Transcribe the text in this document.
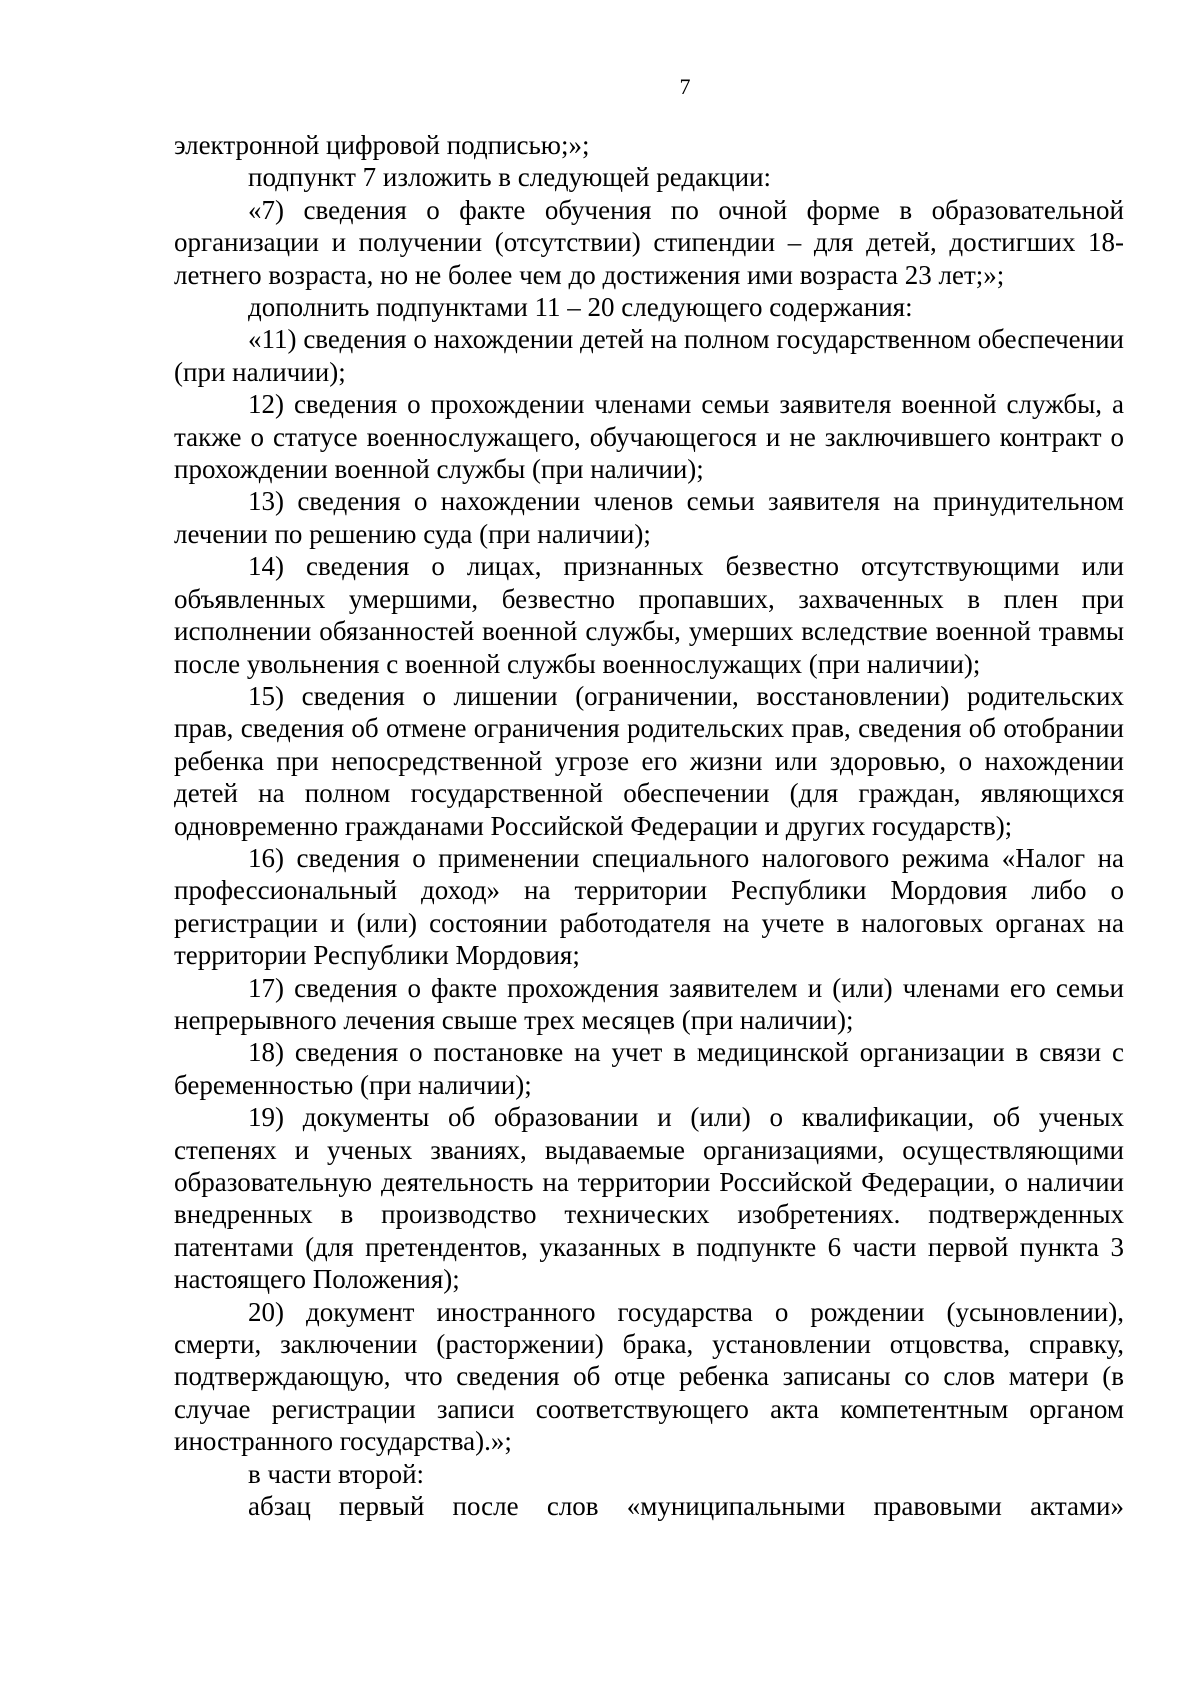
7

электронной цифровой подписью;»;

подпункт 7 изложить в следующей редакции:

«7) сведения о факте обучения по очной форме в образовательной организации и получении (отсутствии) стипендии – для детей, достигших 18-летнего возраста, но не более чем до достижения ими возраста 23 лет;»;

дополнить подпунктами 11 – 20 следующего содержания:

«11) сведения о нахождении детей на полном государственном обеспечении (при наличии);

12) сведения о прохождении членами семьи заявителя военной службы, а также о статусе военнослужащего, обучающегося и не заключившего контракт о прохождении военной службы (при наличии);

13) сведения о нахождении членов семьи заявителя на принудительном лечении по решению суда (при наличии);

14) сведения о лицах, признанных безвестно отсутствующими или объявленных умершими, безвестно пропавших, захваченных в плен при исполнении обязанностей военной службы, умерших вследствие военной травмы после увольнения с военной службы военнослужащих (при наличии);

15) сведения о лишении (ограничении, восстановлении) родительских прав, сведения об отмене ограничения родительских прав, сведения об отобрании ребенка при непосредственной угрозе его жизни или здоровью, о нахождении детей на полном государственной обеспечении (для граждан, являющихся одновременно гражданами Российской Федерации и других государств);

16) сведения о применении специального налогового режима «Налог на профессиональный доход» на территории Республики Мордовия либо о регистрации и (или) состоянии работодателя на учете в налоговых органах на территории Республики Мордовия;

17) сведения о факте прохождения заявителем и (или) членами его семьи непрерывного лечения свыше трех месяцев (при наличии);

18) сведения о постановке на учет в медицинской организации в связи с беременностью (при наличии);

19) документы об образовании и (или) о квалификации, об ученых степенях и ученых званиях, выдаваемые организациями, осуществляющими образовательную деятельность на территории Российской Федерации, о наличии внедренных в производство технических изобретениях. подтвержденных патентами (для претендентов, указанных в подпункте 6 части первой пункта 3 настоящего Положения);

20) документ иностранного государства о рождении (усыновлении), смерти, заключении (расторжении) брака, установлении отцовства, справку, подтверждающую, что сведения об отце ребенка записаны со слов матери (в случае регистрации записи соответствующего акта компетентным органом иностранного государства).»;

в части второй:

абзац первый после слов «муниципальными правовыми актами»
